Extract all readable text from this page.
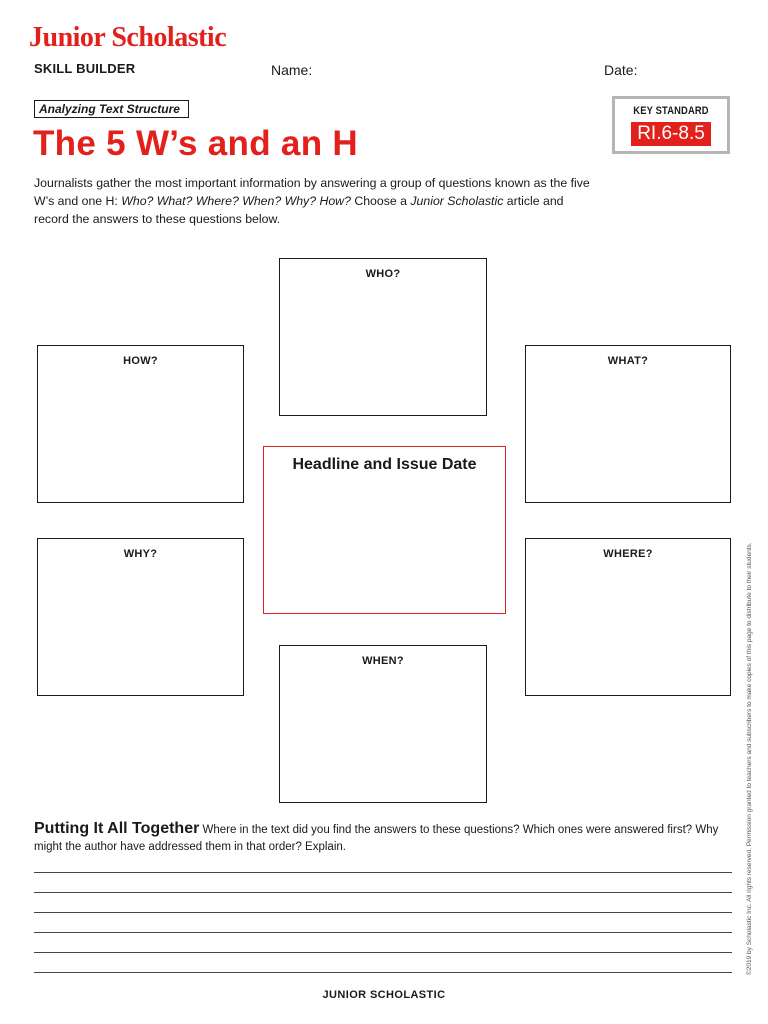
Junior Scholastic
SKILL BUILDER	Name:	Date:
Analyzing Text Structure
The 5 W’s and an H
KEY STANDARD
RI.6-8.5
Journalists gather the most important information by answering a group of questions known as the five W’s and one H: Who? What? Where? When? Why? How? Choose a Junior Scholastic article and record the answers to these questions below.
WHO?
HOW?	WHAT?
Headline and Issue Date
WHY?	WHERE?
WHEN?
Putting It All Together Where in the text did you find the answers to these questions? Which ones were answered first? Why might the author have addressed them in that order? Explain.
JUNIOR SCHOLASTIC
©2019 by Scholastic Inc. All rights reserved. Permission granted to teachers and subscribers to make copies of this page to distribute to their students.
